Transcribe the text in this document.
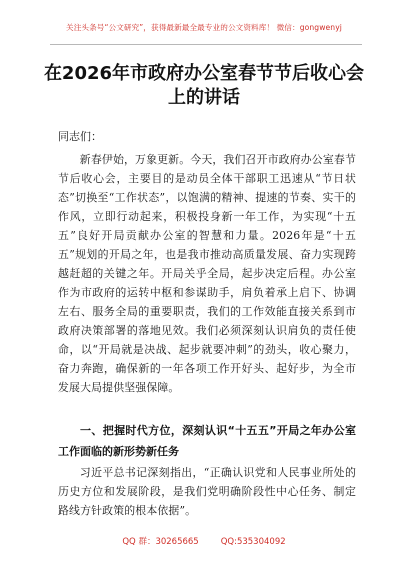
关注头条号“公文研究”，获得最新最全最专业的公文资料库！ 微信：gongwenyj
在2026年市政府办公室春节节后收心会上的讲话
同志们：

新春伊始，万象更新。今天，我们召开市政府办公室春节节后收心会，主要目的是动员全体干部职工迅速从“节日状态”切换至“工作状态”，以饱满的精神、提速的节奏、实干的作风，立即行动起来，积极投身新一年工作，为实现“十五五”良好开局贡献办公室的智慧和力量。2026年是“十五五”规划的开局之年，也是我市推动高质量发展、奋力实现跨越赶超的关键之年。开局关乎全局，起步决定后程。办公室作为市政府的运转中枢和参谋助手，肩负着承上启下、协调左右、服务全局的重要职责，我们的工作效能直接关系到市政府决策部署的落地见效。我们必须深刻认识肩负的责任使命，以“开局就是决战、起步就要冲刺”的劲头，收心聚力，奋力奔跑，确保新的一年各项工作开好头、起好步，为全市发展大局提供坚强保障。

一、把握时代方位，深刻认识“十五五”开局之年办公室工作面临的新形势新任务

习近平总书记深刻指出，“正确认识党和人民事业所处的历史方位和发展阶段，是我们党明确阶段性中心任务、制定路线方针政策的根本依据”。

QQ 群：30265665	QQ:535304092
